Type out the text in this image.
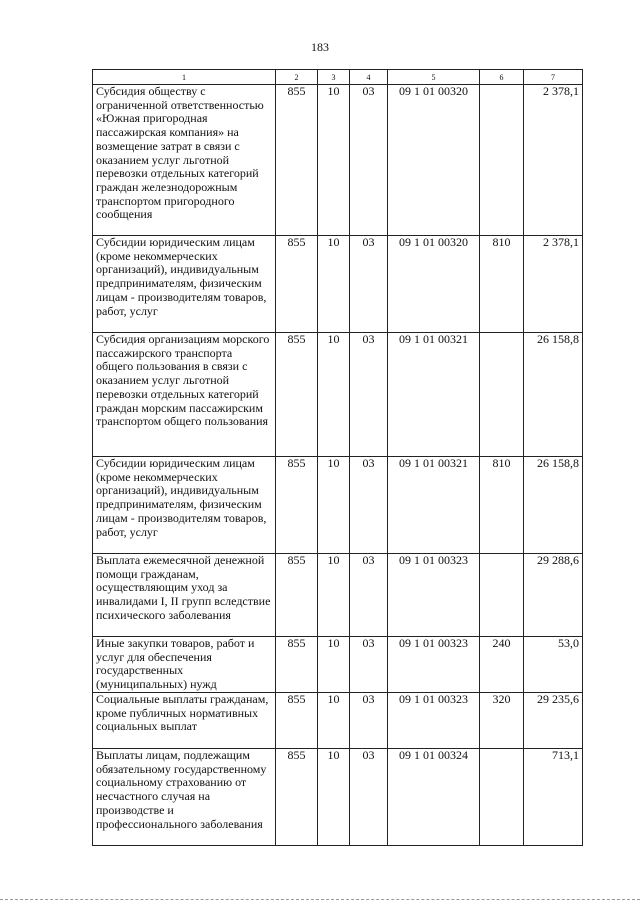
183
1	2	3	4	5	6	7
Субсидия обществу с ограниченной ответственностью «Южная пригородная пассажирская компания» на возмещение затрат в связи с оказанием услуг льготной перевозки отдельных категорий граждан железнодорожным транспортом пригородного сообщения	855	10	03	09 1 01 00320		2 378,1
Субсидии юридическим лицам (кроме некоммерческих организаций), индивидуальным предпринимателям, физическим лицам - производителям товаров, работ, услуг	855	10	03	09 1 01 00320	810	2 378,1
Субсидия организациям морского пассажирского транспорта общего пользования в связи с оказанием услуг льготной перевозки отдельных категорий граждан морским пассажирским транспортом общего пользования	855	10	03	09 1 01 00321		26 158,8
Субсидии юридическим лицам (кроме некоммерческих организаций), индивидуальным предпринимателям, физическим лицам - производителям товаров, работ, услуг	855	10	03	09 1 01 00321	810	26 158,8
Выплата ежемесячной денежной помощи гражданам, осуществляющим уход за инвалидами I, II групп вследствие психического заболевания	855	10	03	09 1 01 00323		29 288,6
Иные закупки товаров, работ и услуг для обеспечения государственных (муниципальных) нужд	855	10	03	09 1 01 00323	240	53,0
Социальные выплаты гражданам, кроме публичных нормативных социальных выплат	855	10	03	09 1 01 00323	320	29 235,6
Выплаты лицам, подлежащим обязательному государственному социальному страхованию от несчастного случая на производстве и профессионального заболевания	855	10	03	09 1 01 00324		713,1
